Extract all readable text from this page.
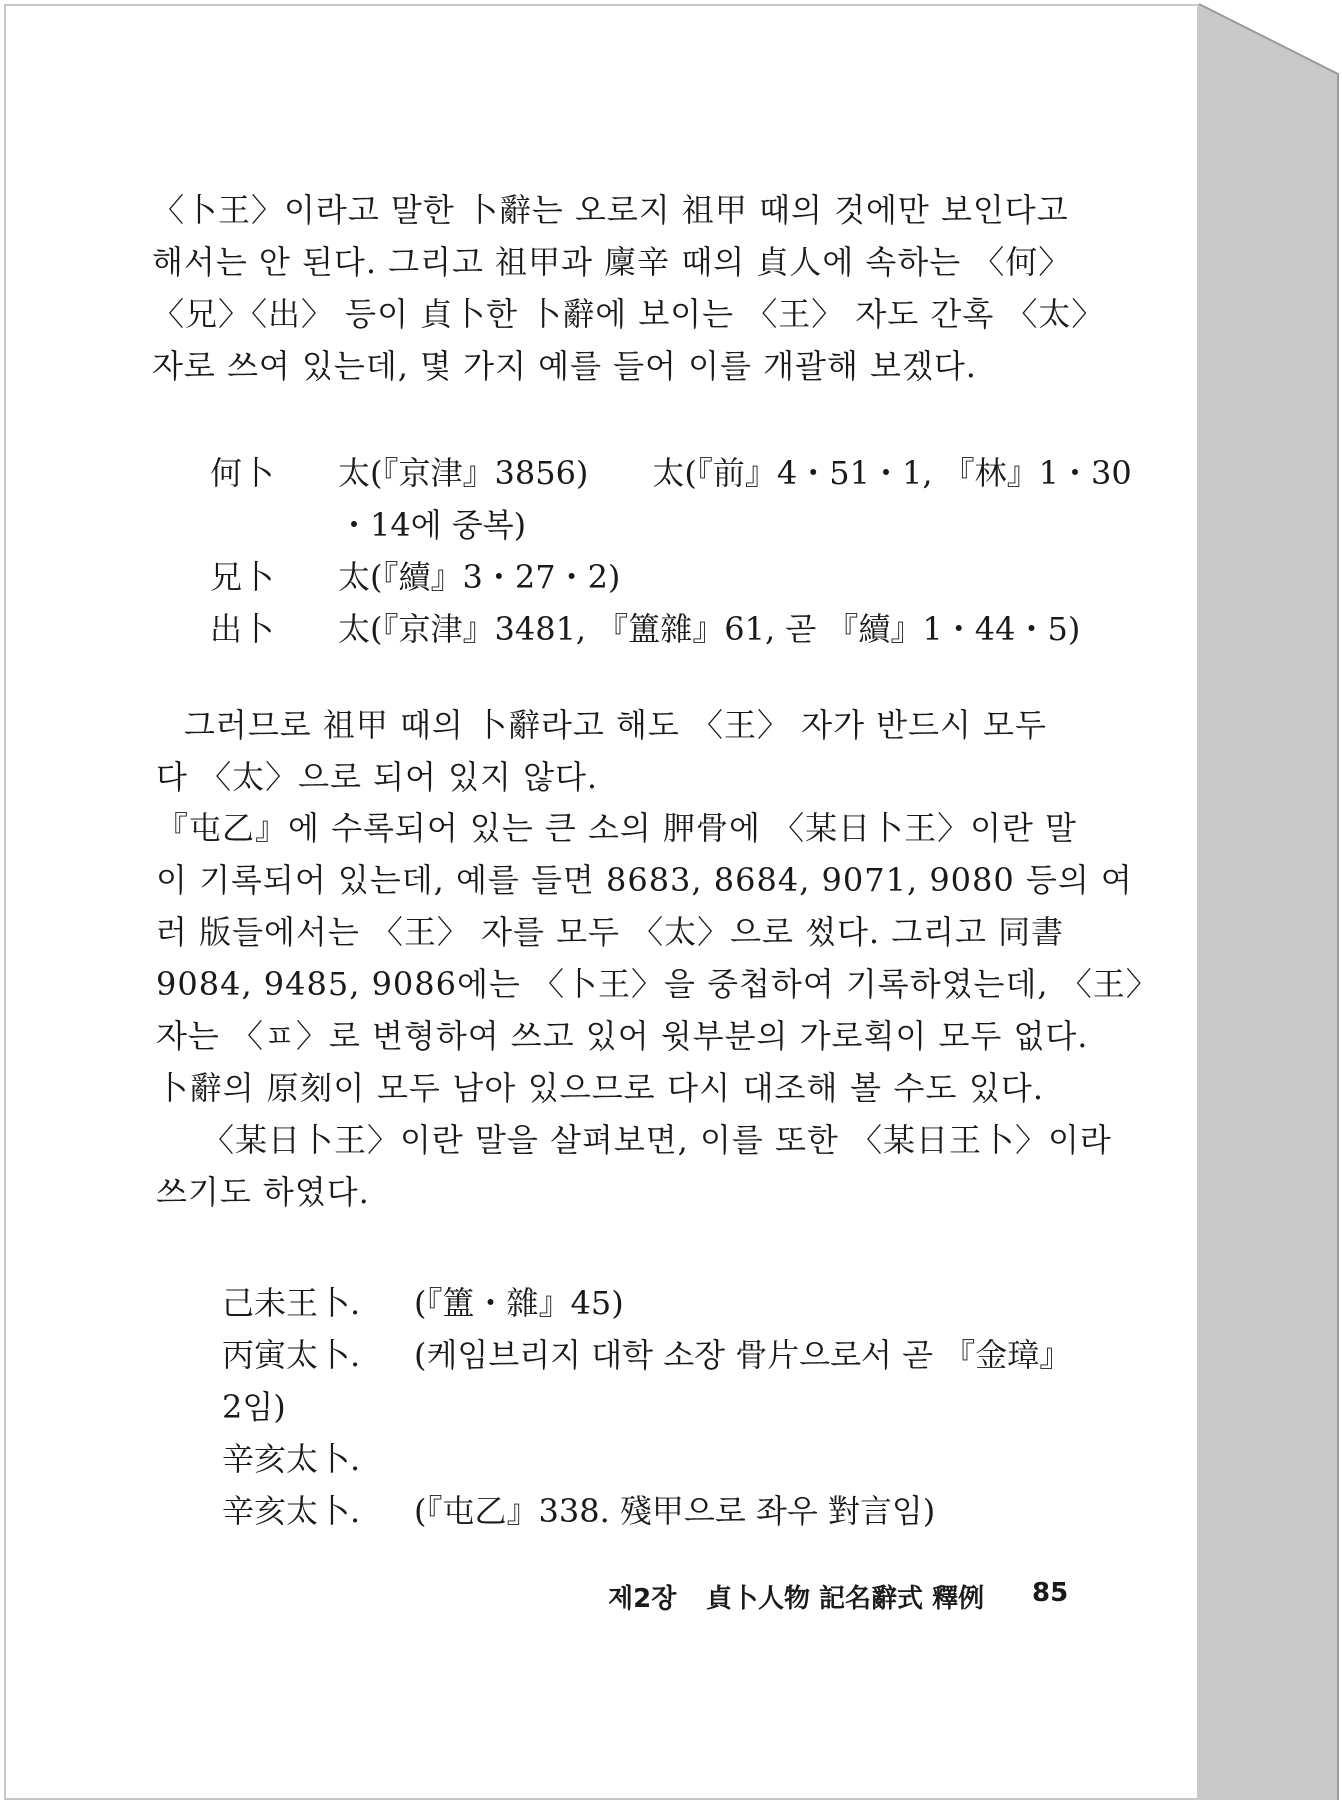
〈卜王〉이라고 말한 卜辭는 오로지 祖甲 때의 것에만 보인다고
해서는 안 된다. 그리고 祖甲과 廩辛 때의 貞人에 속하는 〈何〉
〈兄〉〈出〉 등이 貞卜한 卜辭에 보이는 〈王〉 자도 간혹 〈太〉
자로 쓰여 있는데, 몇 가지 예를 들어 이를 개괄해 보겠다.
何卜 太(『京津』3856)　　太(『前』4・51・1, 『林』1・30
・14에 중복)
兄卜 太(『續』3・27・2)
出卜 太(『京津』3481, 『簠雜』61, 곧 『續』1・44・5)
그러므로 祖甲 때의 卜辭라고 해도 〈王〉 자가 반드시 모두
다 〈太〉으로 되어 있지 않다.
『屯乙』에 수록되어 있는 큰 소의 胛骨에 〈某日卜王〉이란 말
이 기록되어 있는데, 예를 들면 8683, 8684, 9071, 9080 등의 여
러 版들에서는 〈王〉 자를 모두 〈太〉으로 썼다. 그리고 同書
9084, 9485, 9086에는 〈卜王〉을 중첩하여 기록하였는데, 〈王〉
자는 〈ㅍ〉로 변형하여 쓰고 있어 윗부분의 가로획이 모두 없다.
卜辭의 原刻이 모두 남아 있으므로 다시 대조해 볼 수도 있다.
〈某日卜王〉이란 말을 살펴보면, 이를 또한 〈某日王卜〉이라
쓰기도 하였다.
己未王卜. (『簠・雜』45)
丙寅太卜. (케임브리지 대학 소장 骨片으로서 곧 『金璋』
2임)
辛亥太卜.
辛亥太卜. (『屯乙』338. 殘甲으로 좌우 對言임)
제2장 貞卜人物 記名辭式 釋例 85
